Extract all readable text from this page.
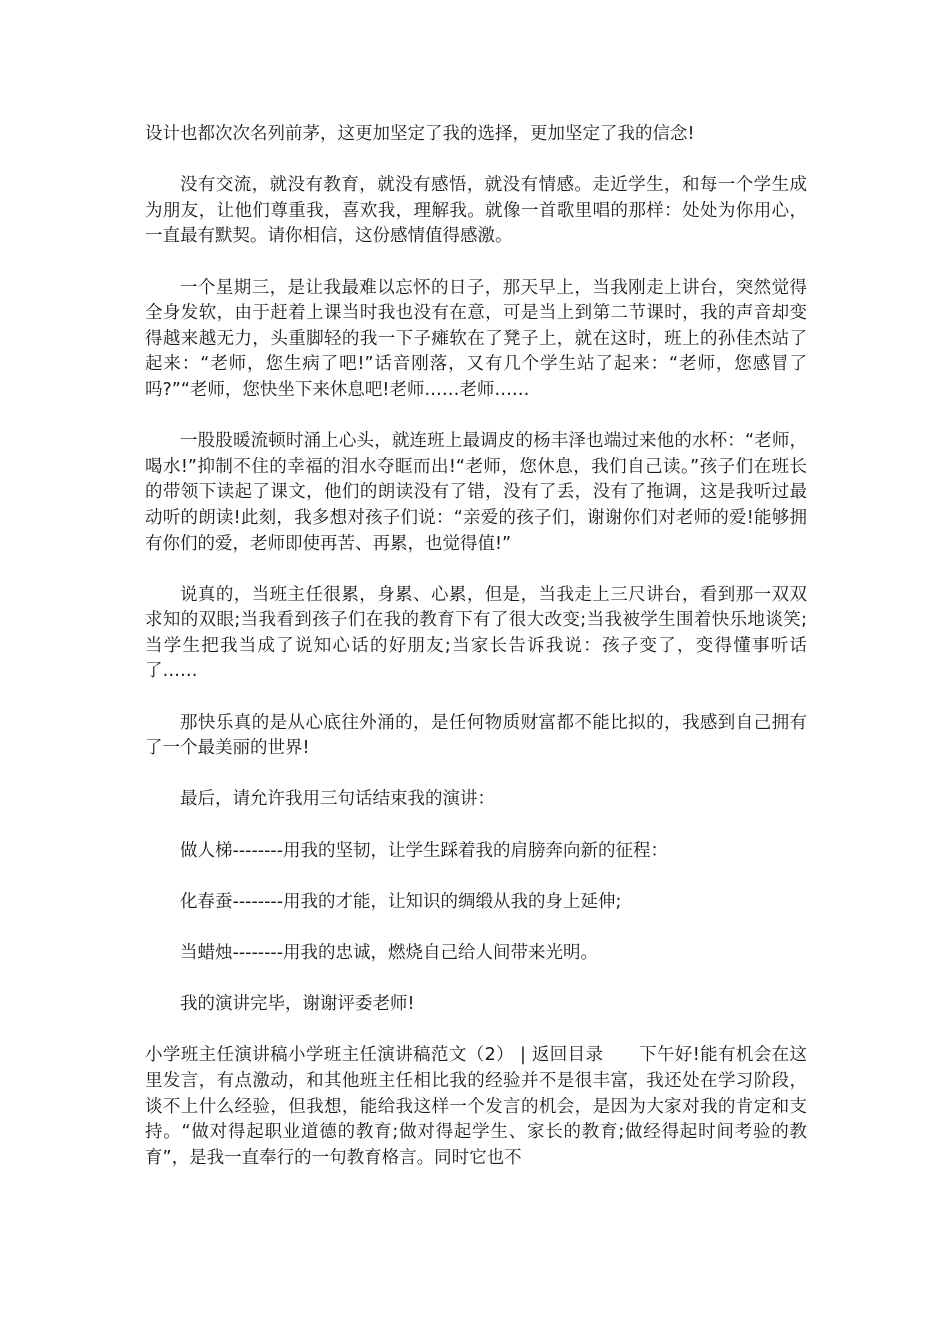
设计也都次次名列前茅，这更加坚定了我的选择，更加坚定了我的信念!

没有交流，就没有教育，就没有感悟，就没有情感。走近学生，和每一个学生成为朋友，让他们尊重我，喜欢我，理解我。就像一首歌里唱的那样：处处为你用心，一直最有默契。请你相信，这份感情值得感激。

一个星期三，是让我最难以忘怀的日子，那天早上，当我刚走上讲台，突然觉得全身发软，由于赶着上课当时我也没有在意，可是当上到第二节课时，我的声音却变得越来越无力，头重脚轻的我一下子瘫软在了凳子上，就在这时，班上的孙佳杰站了起来：“老师，您生病了吧!”话音刚落，又有几个学生站了起来：“老师，您感冒了吗?”“老师，您快坐下来休息吧!老师……老师……

一股股暖流顿时涌上心头，就连班上最调皮的杨丰泽也端过来他的水杯：“老师，喝水!”抑制不住的幸福的泪水夺眶而出!“老师，您休息，我们自己读。”孩子们在班长的带领下读起了课文，他们的朗读没有了错，没有了丢，没有了拖调，这是我听过最动听的朗读!此刻，我多想对孩子们说：“亲爱的孩子们，谢谢你们对老师的爱!能够拥有你们的爱，老师即使再苦、再累，也觉得值!”

说真的，当班主任很累，身累、心累，但是，当我走上三尺讲台，看到那一双双求知的双眼;当我看到孩子们在我的教育下有了很大改变;当我被学生围着快乐地谈笑;当学生把我当成了说知心话的好朋友;当家长告诉我说：孩子变了，变得懂事听话了……

那快乐真的是从心底往外涌的，是任何物质财富都不能比拟的，我感到自己拥有了一个最美丽的世界!

最后，请允许我用三句话结束我的演讲：

做人梯--------用我的坚韧，让学生踩着我的肩膀奔向新的征程：

化春蚕--------用我的才能，让知识的绸缎从我的身上延伸;

当蜡烛--------用我的忠诚，燃烧自己给人间带来光明。

我的演讲完毕，谢谢评委老师!

小学班主任演讲稿小学班主任演讲稿范文（2） | 返回目录　　下午好!能有机会在这里发言，有点激动，和其他班主任相比我的经验并不是很丰富，我还处在学习阶段，谈不上什么经验，但我想，能给我这样一个发言的机会，是因为大家对我的肯定和支持。“做对得起职业道德的教育;做对得起学生、家长的教育;做经得起时间考验的教育”，是我一直奉行的一句教育格言。同时它也不
